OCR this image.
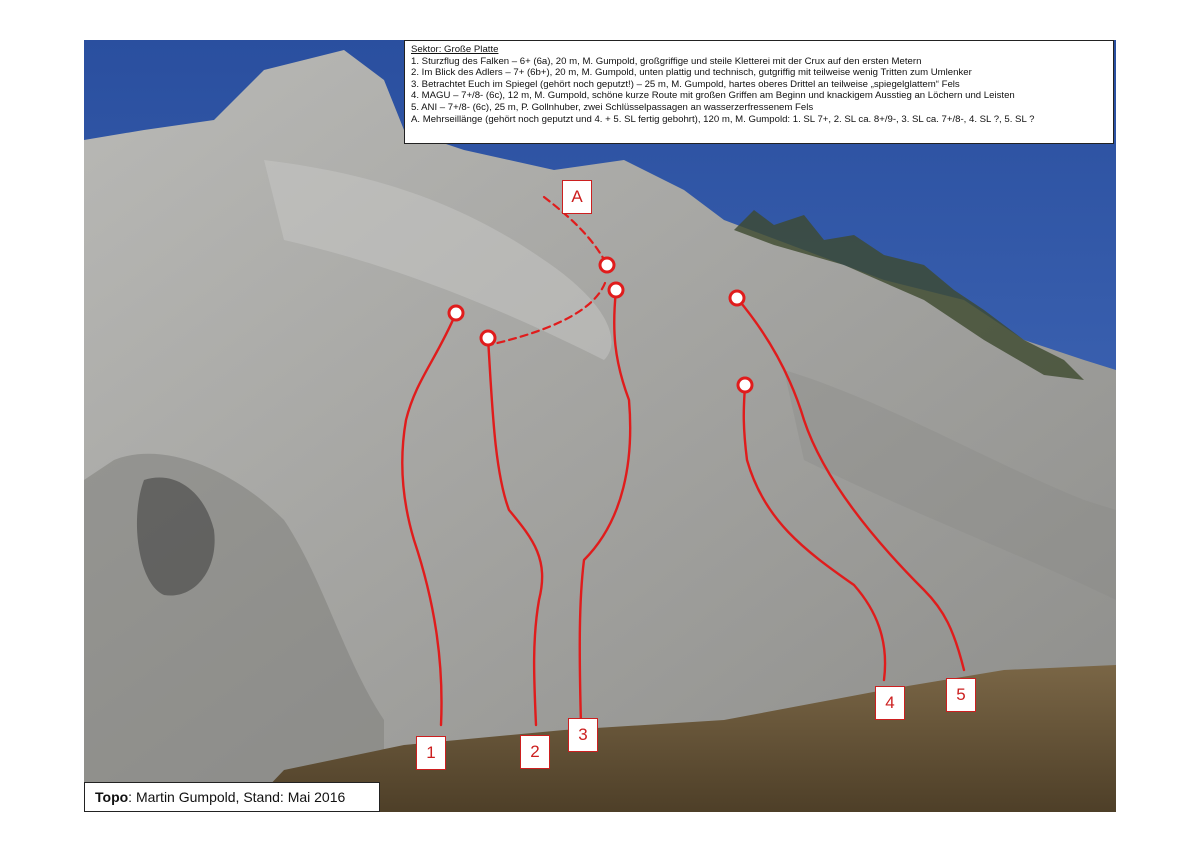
Sektor: Große Platte
1. Sturzflug des Falken – 6+ (6a), 20 m, M. Gumpold, großgriffige und steile Kletterei mit der Crux auf den ersten Metern
2. Im Blick des Adlers – 7+ (6b+), 20 m, M. Gumpold, unten plattig und technisch, gutgriffig mit teilweise wenig Tritten zum Umlenker
3. Betrachtet Euch im Spiegel (gehört noch geputzt!) – 25 m, M. Gumpold, hartes oberes Drittel an teilweise „spiegelglattem“ Fels
4. MAGU – 7+/8- (6c), 12 m, M. Gumpold, schöne kurze Route mit großen Griffen am Beginn und knackigem Ausstieg an Löchern und Leisten
5. ANI – 7+/8- (6c), 25 m, P. Gollnhuber, zwei Schlüsselpassagen an wasserzerfressenem Fels
A. Mehrseillänge (gehört noch geputzt und 4. + 5. SL fertig gebohrt), 120 m, M. Gumpold: 1. SL 7+, 2. SL ca. 8+/9-, 3. SL ca. 7+/8-, 4. SL ?, 5. SL ?
1	2
3
4	5
A
Topo: Martin Gumpold, Stand: Mai 2016
